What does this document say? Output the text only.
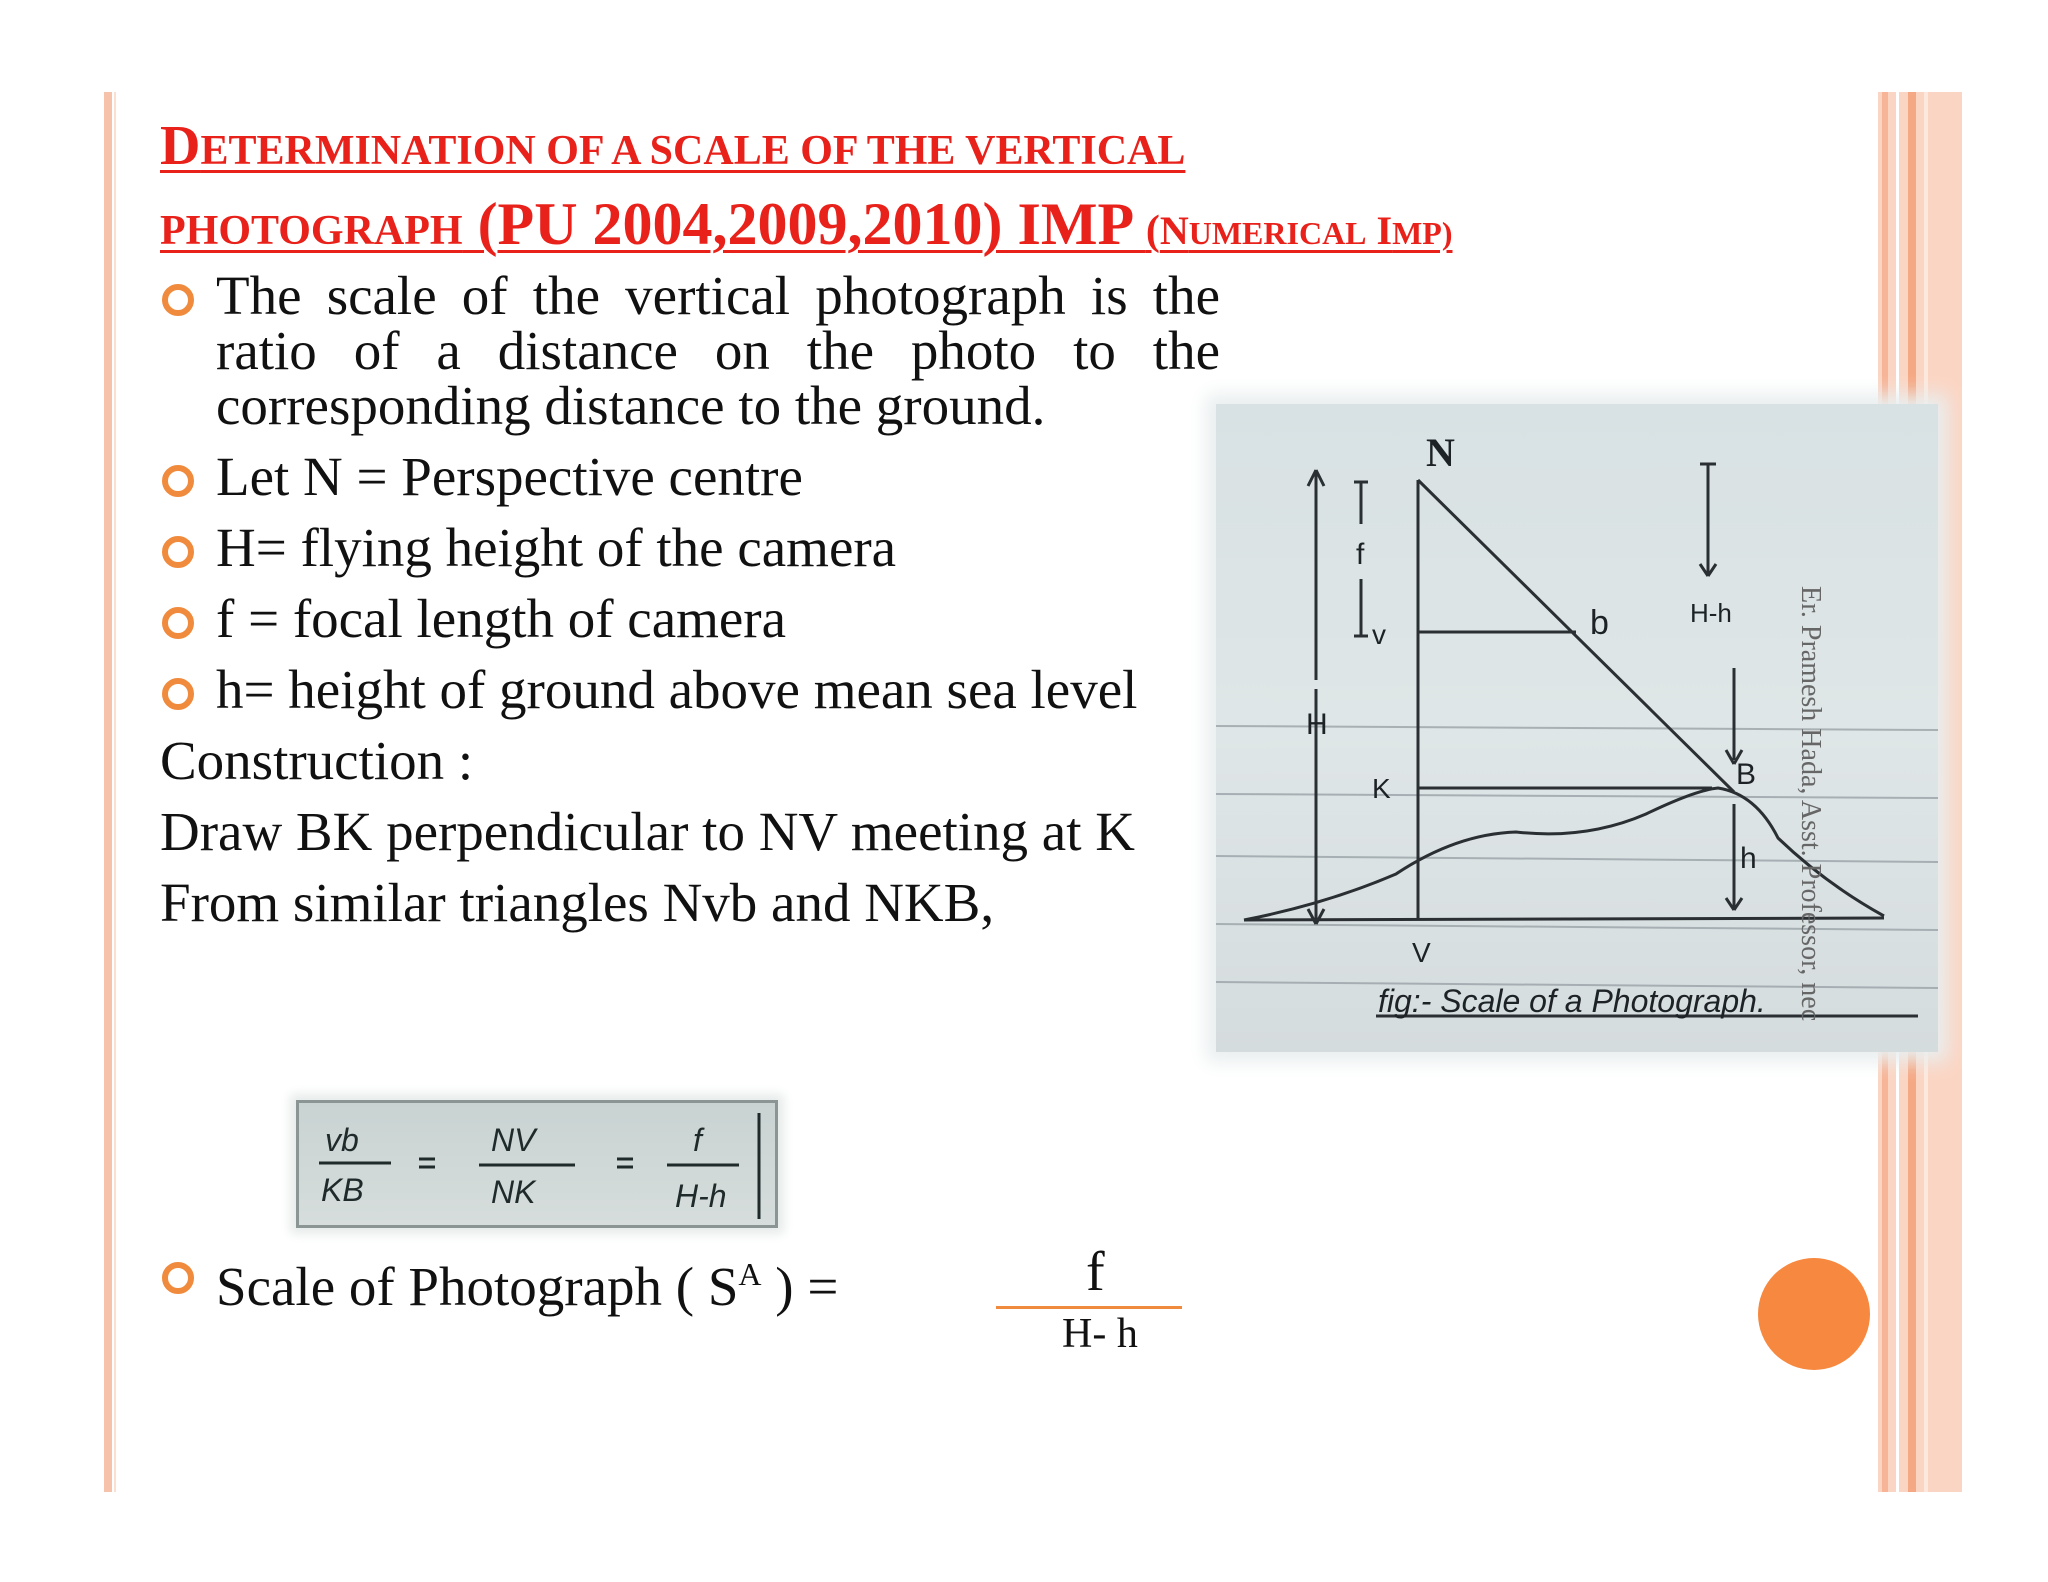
DETERMINATION OF A SCALE OF THE VERTICAL
PHOTOGRAPH (PU 2004,2009,2010) IMP (NUMERICAL IMP)
The scale of the vertical photograph is the ratio of a distance on the photo to the corresponding distance to the ground.
Let N = Perspective centre
H= flying height of the camera
f = focal length of camera
h= height of ground above mean sea level
Construction :
Draw BK perpendicular to NV meeting at K
From similar triangles Nvb and NKB,
N
f
v	b	H-h
H
K	B
h
V
fig:- Scale of a Photograph.	Er. Pramesh Hada, Asst. Professor, nec
vb
KB
NV
NK
f
H-h
Scale of Photograph ( $S^A$ ) =	f
H- h
